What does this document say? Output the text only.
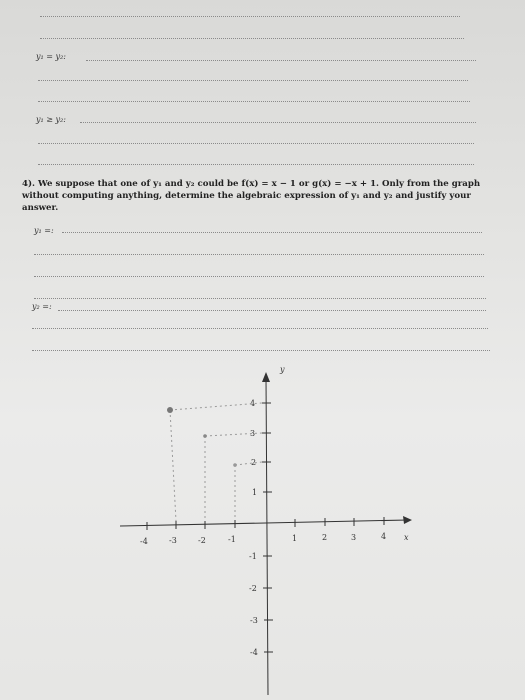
y₁ = y₂:
y₁ ≥ y₂:
4). We suppose that one of y₁ and y₂ could be f(x) = x − 1 or g(x) = −x + 1. Only from the graph without computing anything, determine the algebraic expression of y₁ and y₂ and justify your answer.
y₁ =:
y₂ =:
-4	-3	-2	-1	1	2	3	4 x
y
4
3
2
1
-1
-2
-3
-4
